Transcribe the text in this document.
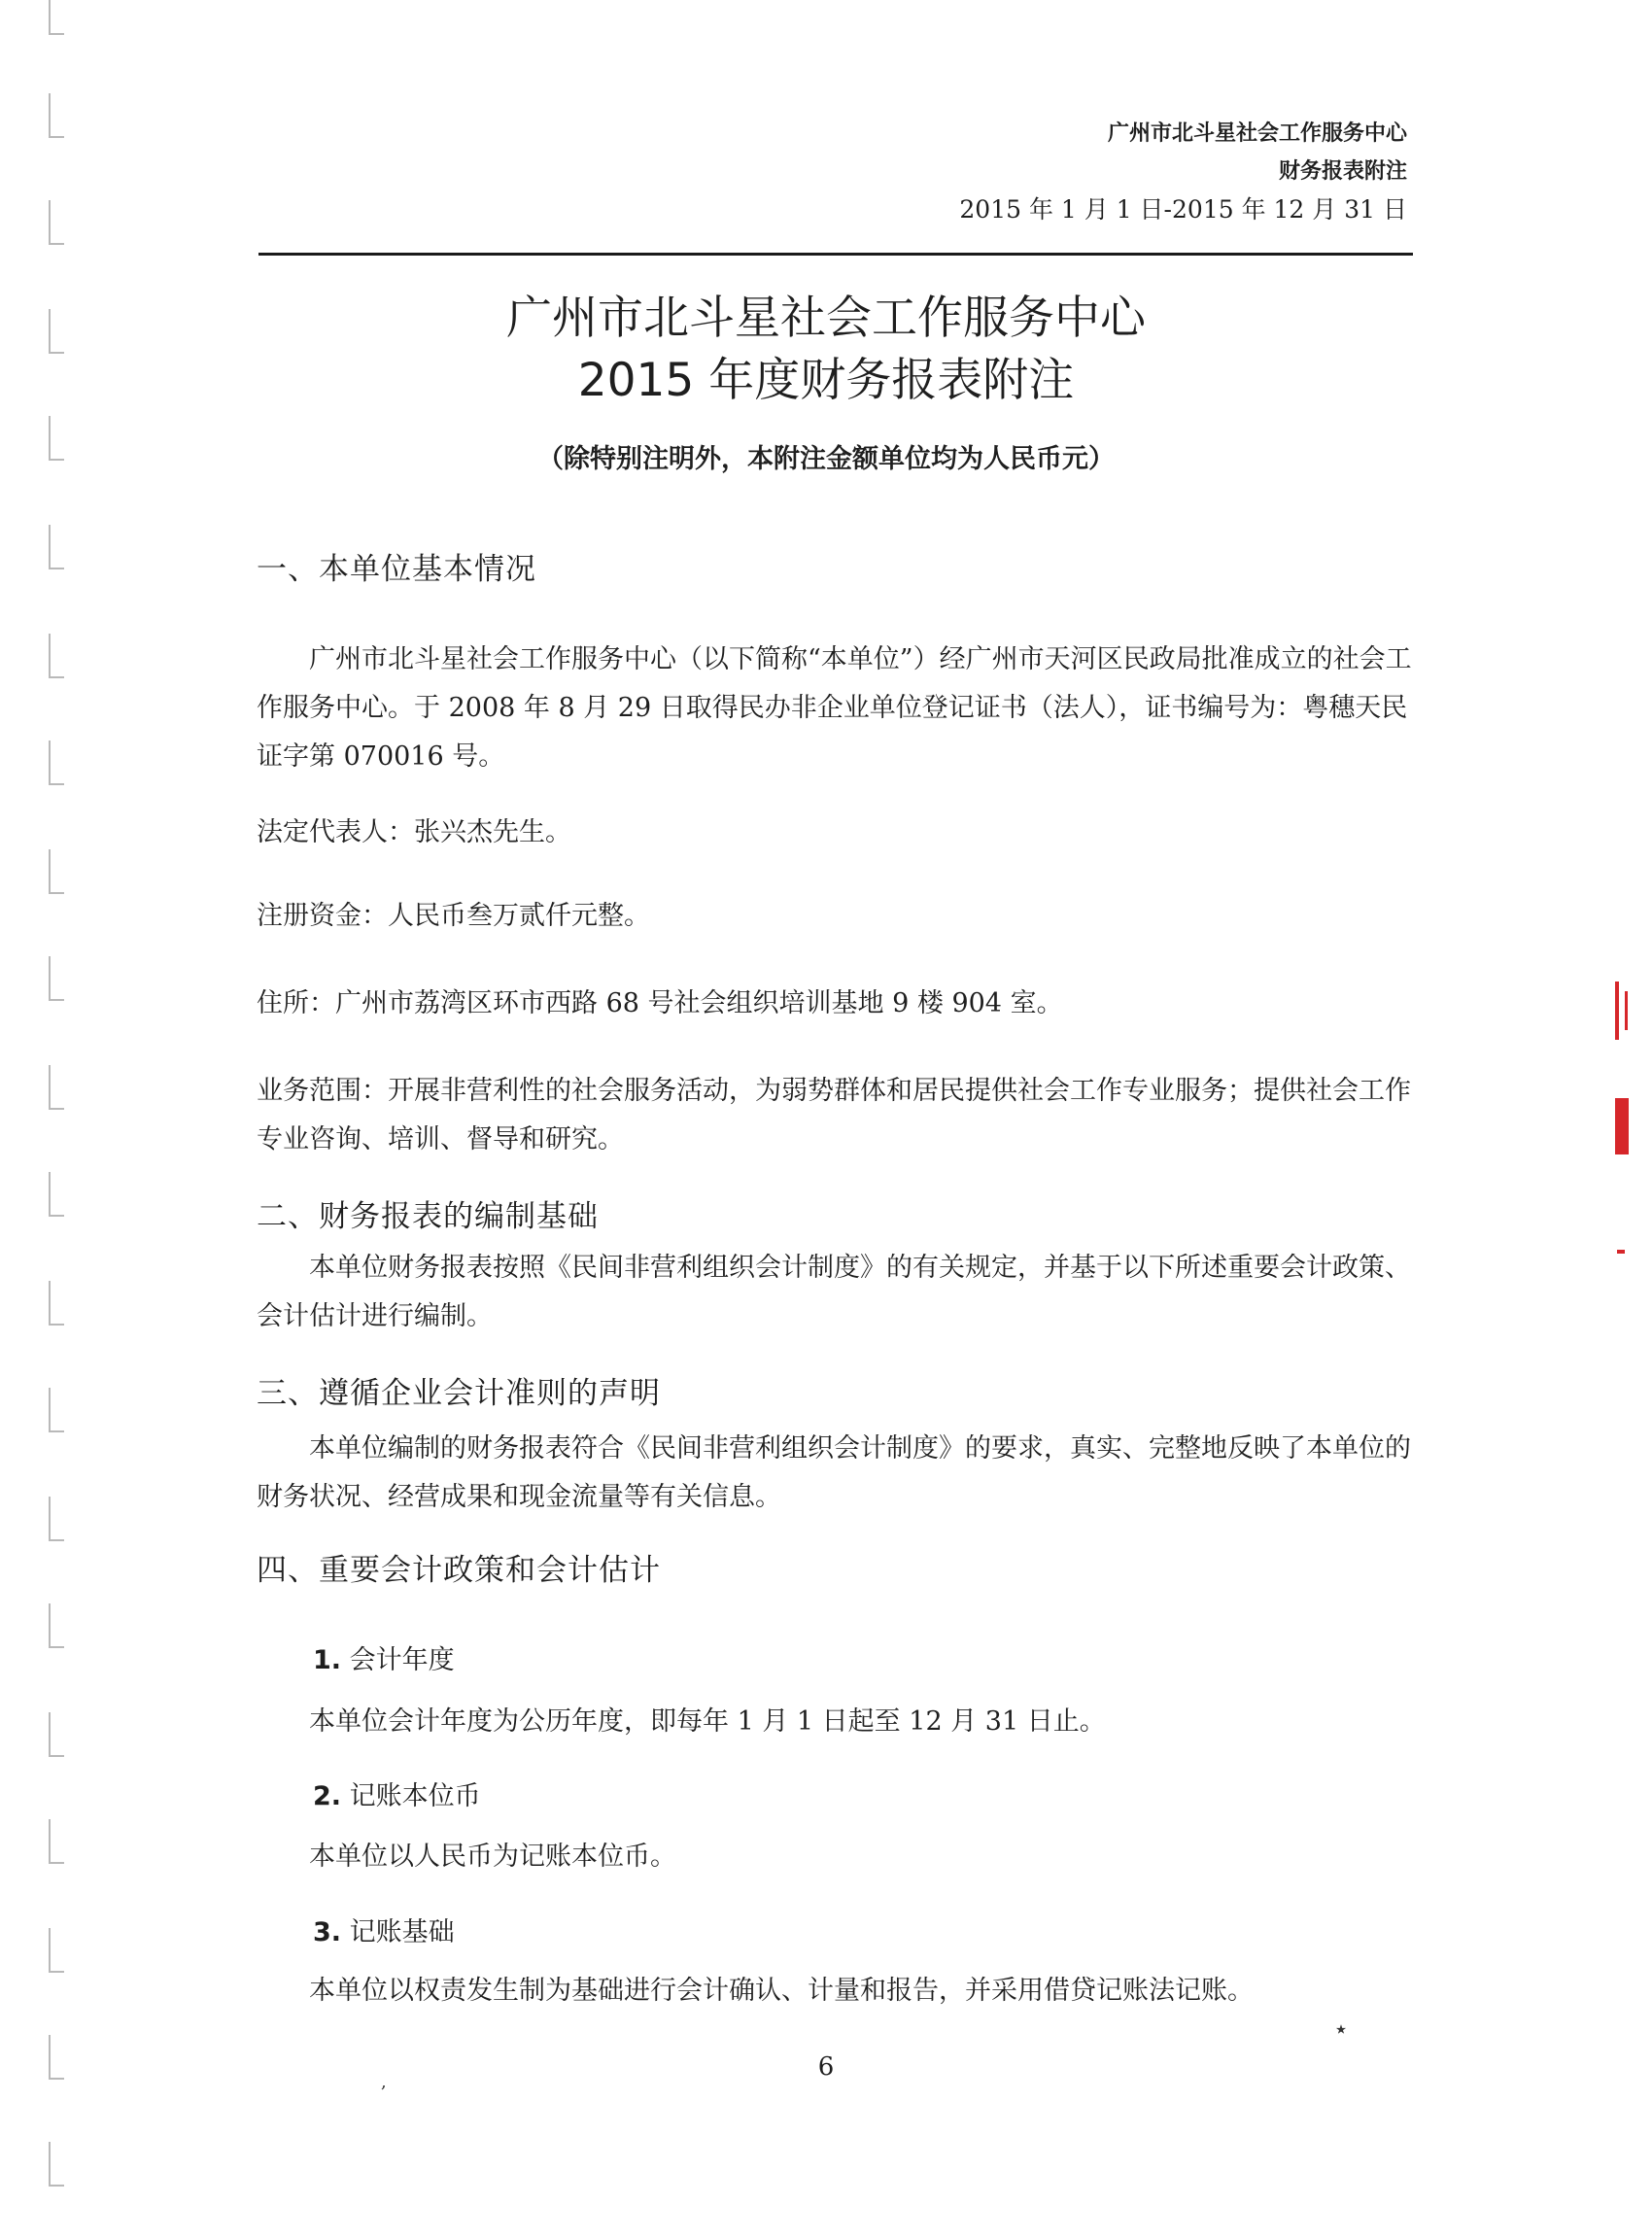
广州市北斗星社会工作服务中心
财务报表附注
2015 年 1 月 1 日-2015 年 12 月 31 日
广州市北斗星社会工作服务中心
2015 年度财务报表附注
（除特别注明外，本附注金额单位均为人民币元）
一、本单位基本情况
广州市北斗星社会工作服务中心（以下简称“本单位”）经广州市天河区民政局批准成立的社会工作服务中心。于 2008 年 8 月 29 日取得民办非企业单位登记证书（法人），证书编号为：粤穗天民证字第 070016 号。
法定代表人：张兴杰先生。
注册资金：人民币叁万贰仟元整。
住所：广州市荔湾区环市西路 68 号社会组织培训基地 9 楼 904 室。
业务范围：开展非营利性的社会服务活动，为弱势群体和居民提供社会工作专业服务；提供社会工作专业咨询、培训、督导和研究。
二、财务报表的编制基础
本单位财务报表按照《民间非营利组织会计制度》的有关规定，并基于以下所述重要会计政策、会计估计进行编制。
三、遵循企业会计准则的声明
本单位编制的财务报表符合《民间非营利组织会计制度》的要求，真实、完整地反映了本单位的财务状况、经营成果和现金流量等有关信息。
四、重要会计政策和会计估计
1. 会计年度
本单位会计年度为公历年度，即每年 1 月 1 日起至 12 月 31 日止。
2. 记账本位币
本单位以人民币为记账本位币。
3. 记账基础
本单位以权责发生制为基础进行会计确认、计量和报告，并采用借贷记账法记账。
6
٭
,
